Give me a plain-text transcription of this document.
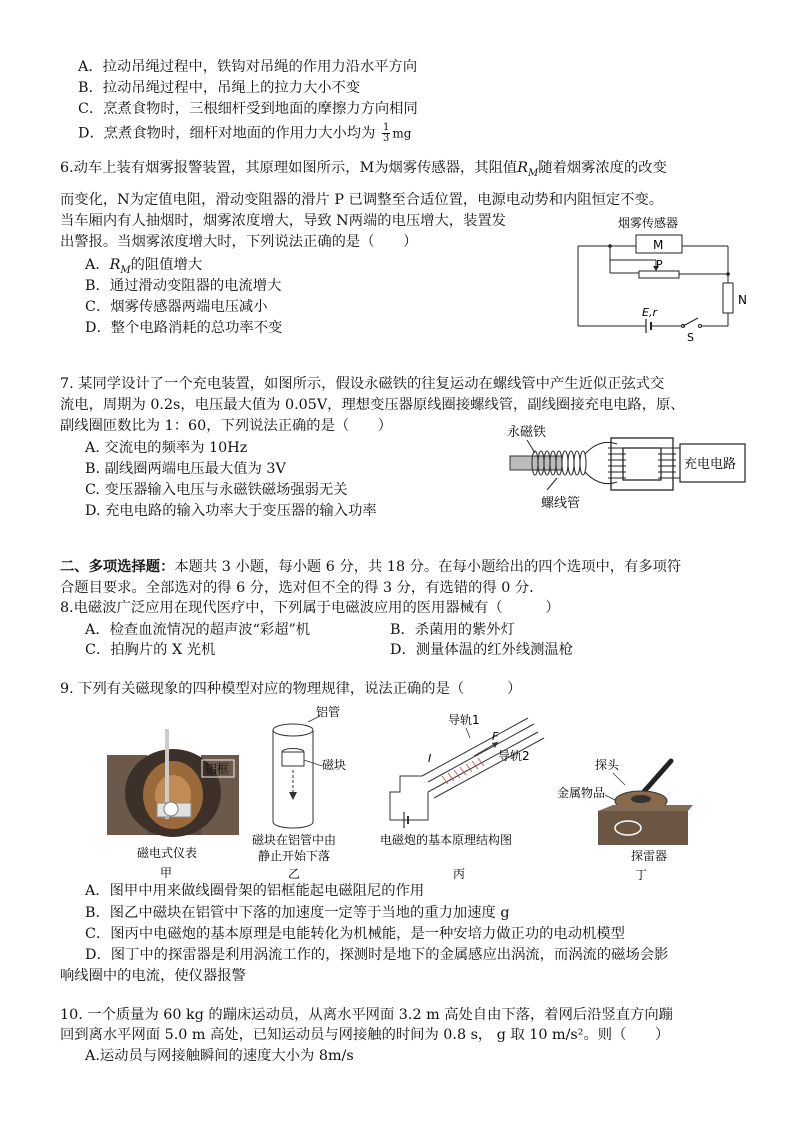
A．拉动吊绳过程中，铁钩对吊绳的作用力沿水平方向
B．拉动吊绳过程中，吊绳上的拉力大小不变
C．烹煮食物时，三根细杆受到地面的摩擦力方向相同
D．烹煮食物时，细杆对地面的作用力大小均为 $\frac{1}{3}$ mg
6.动车上装有烟雾报警装置，其原理如图所示，M为烟雾传感器，其阻值$R_M$随着烟雾浓度的改变
而变化，N为定值电阻，滑动变阻器的滑片 P 已调整至合适位置，电源电动势和内阻恒定不变。
当车厢内有人抽烟时，烟雾浓度增大，导致 N两端的电压增大，装置发
出警报。当烟雾浓度增大时，下列说法正确的是（　　）
A．$R_M$的阻值增大
B．通过滑动变阻器的电流增大
C．烟雾传感器两端电压减小
D．整个电路消耗的总功率不变
烟雾传感器
M
P
N
E,r
S
7. 某同学设计了一个充电装置，如图所示，假设永磁铁的往复运动在螺线管中产生近似正弦式交
流电，周期为 0.2s，电压最大值为 0.05V，理想变压器原线圈接螺线管，副线圈接充电电路，原、
副线圈匝数比为 1：60，下列说法正确的是（　　）
A. 交流电的频率为 10Hz
B. 副线圈两端电压最大值为 3V
C. 变压器输入电压与永磁铁磁场强弱无关
D. 充电电路的输入功率大于变压器的输入功率
永磁铁
螺线管
充电电路
二、多项选择题：本题共 3 小题，每小题 6 分，共 18 分。在每小题给出的四个选项中，有多项符
合题目要求。全部选对的得 6 分，选对但不全的得 3 分，有选错的得 0 分.
8.电磁波广泛应用在现代医疗中，下列属于电磁波应用的医用器械有（　　　）
A．检查血流情况的超声波“彩超”机	B．杀菌用的紫外灯
C．拍胸片的 X 光机	D．测量体温的红外线测温枪
9. 下列有关磁现象的四种模型对应的物理规律，说法正确的是（　　　）
铝框
磁电式仪表
甲
铝管
磁块
磁块在铝管中由
静止开始下落
乙
导轨1
F
I	导轨2
电磁炮的基本原理结构图
丙
探头
金属物品
探雷器
丁
A．图甲中用来做线圈骨架的铝框能起电磁阻尼的作用
B．图乙中磁块在铝管中下落的加速度一定等于当地的重力加速度 g
C．图丙中电磁炮的基本原理是电能转化为机械能，是一种安培力做正功的电动机模型
D．图丁中的探雷器是利用涡流工作的，探测时是地下的金属感应出涡流，而涡流的磁场会影
响线圈中的电流，使仪器报警
10. 一个质量为 60 kg 的蹦床运动员，从离水平网面 3.2 m 高处自由下落，着网后沿竖直方向蹦
回到离水平网面 5.0 m 高处，已知运动员与网接触的时间为 0.8 s， g 取 10 m/s²。则（　　）
A.运动员与网接触瞬间的速度大小为 8m/s
